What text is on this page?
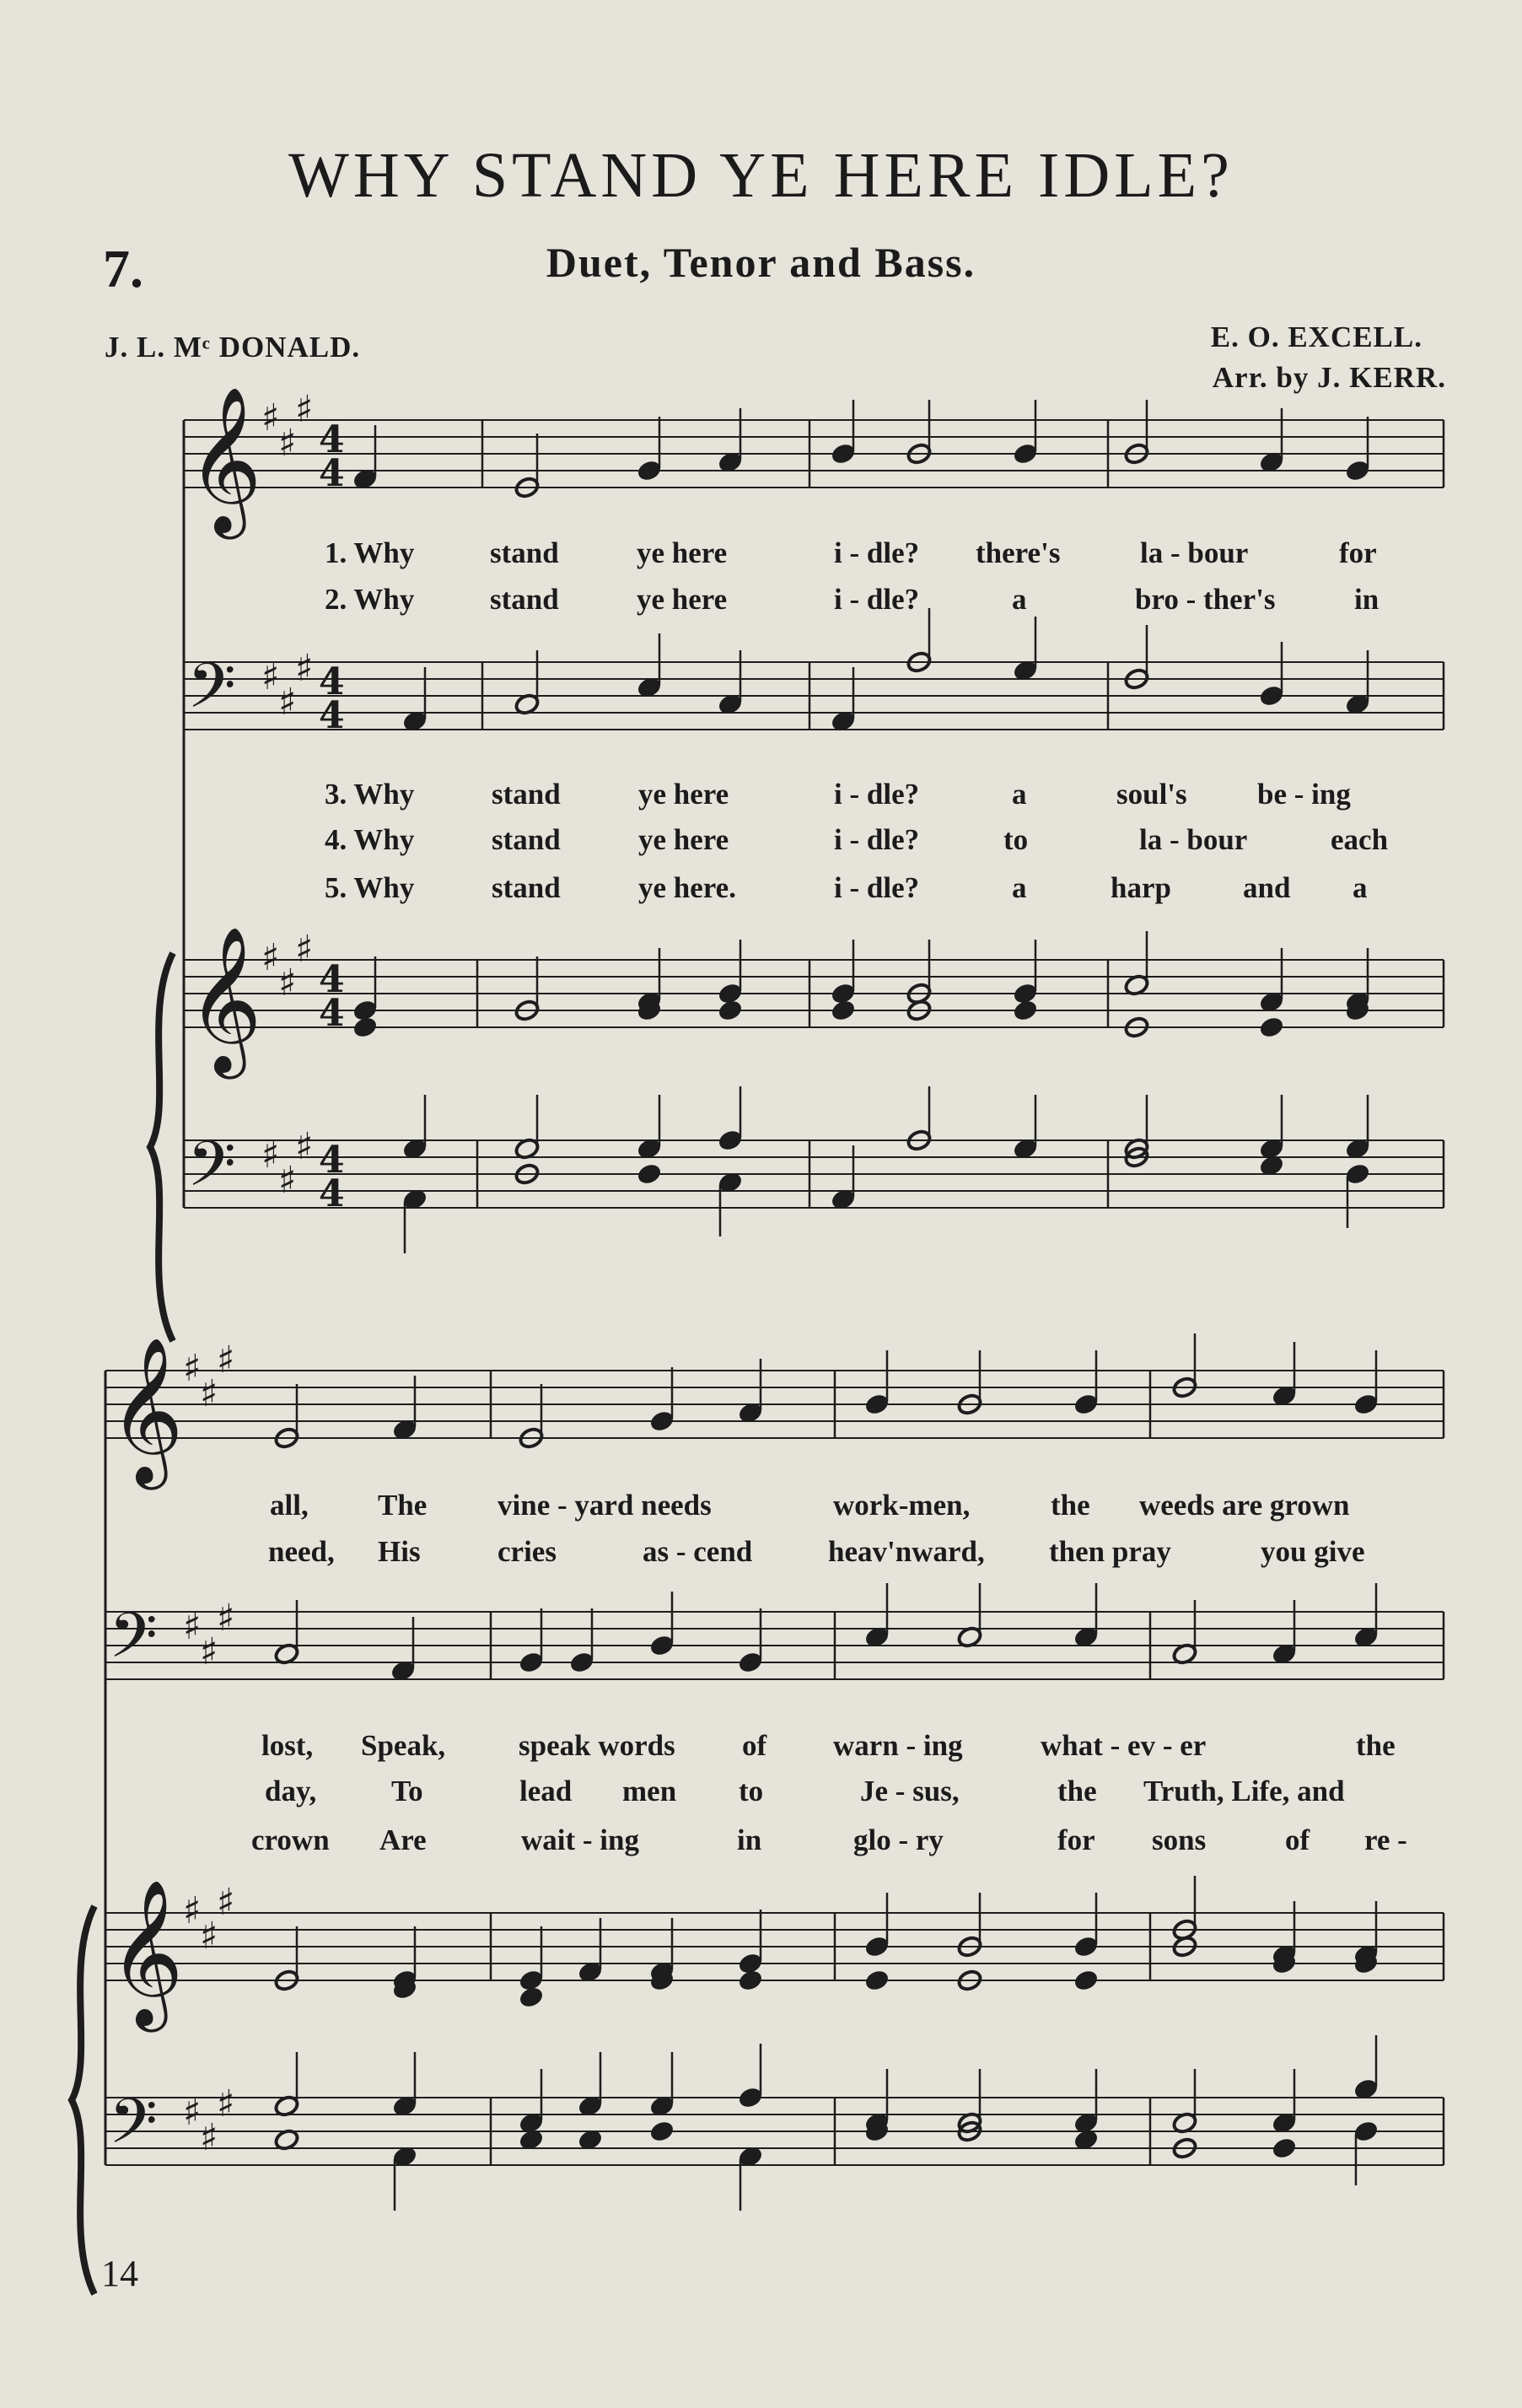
WHY STAND YE HERE IDLE?
7.	Duet, Tenor and Bass.
J. L. Mᶜ DONALD.	E. O. EXCELL.
Arr. by J. KERR.
𝄞 ♯
♯
♯
4
4
𝄢 ♯
♯
♯ 4
4
𝄞 ♯
♯
♯
4
4
𝄢 ♯
♯
♯ 4
4
𝄞 ♯
♯
♯
𝄢 ♯
♯
♯
𝄞 ♯
♯
♯
𝄢 ♯
♯
♯
1. Why	stand	ye here	i - dle? there's	la - bour	for
2. Why	stand	ye here	i - dle?	a	bro - ther's	in
3. Why	stand	ye here	i - dle?	a	soul's be - ing
4. Why	stand	ye here	i - dle?	to	la - bour	each
5. Why	stand	ye here.	i - dle?	a	harp and a
all, The vine - yard needs	work-men,	the weeds are grown
need, His	cries	as - cend	heav'nward, then pray	you give
lost, Speak, speak words of warn - ing	what - ev - er	the
day,	To	lead men to	Je - sus,	the Truth, Life, and
crown Are	wait - ing	in	glo - ry	for sons	of re -
14
